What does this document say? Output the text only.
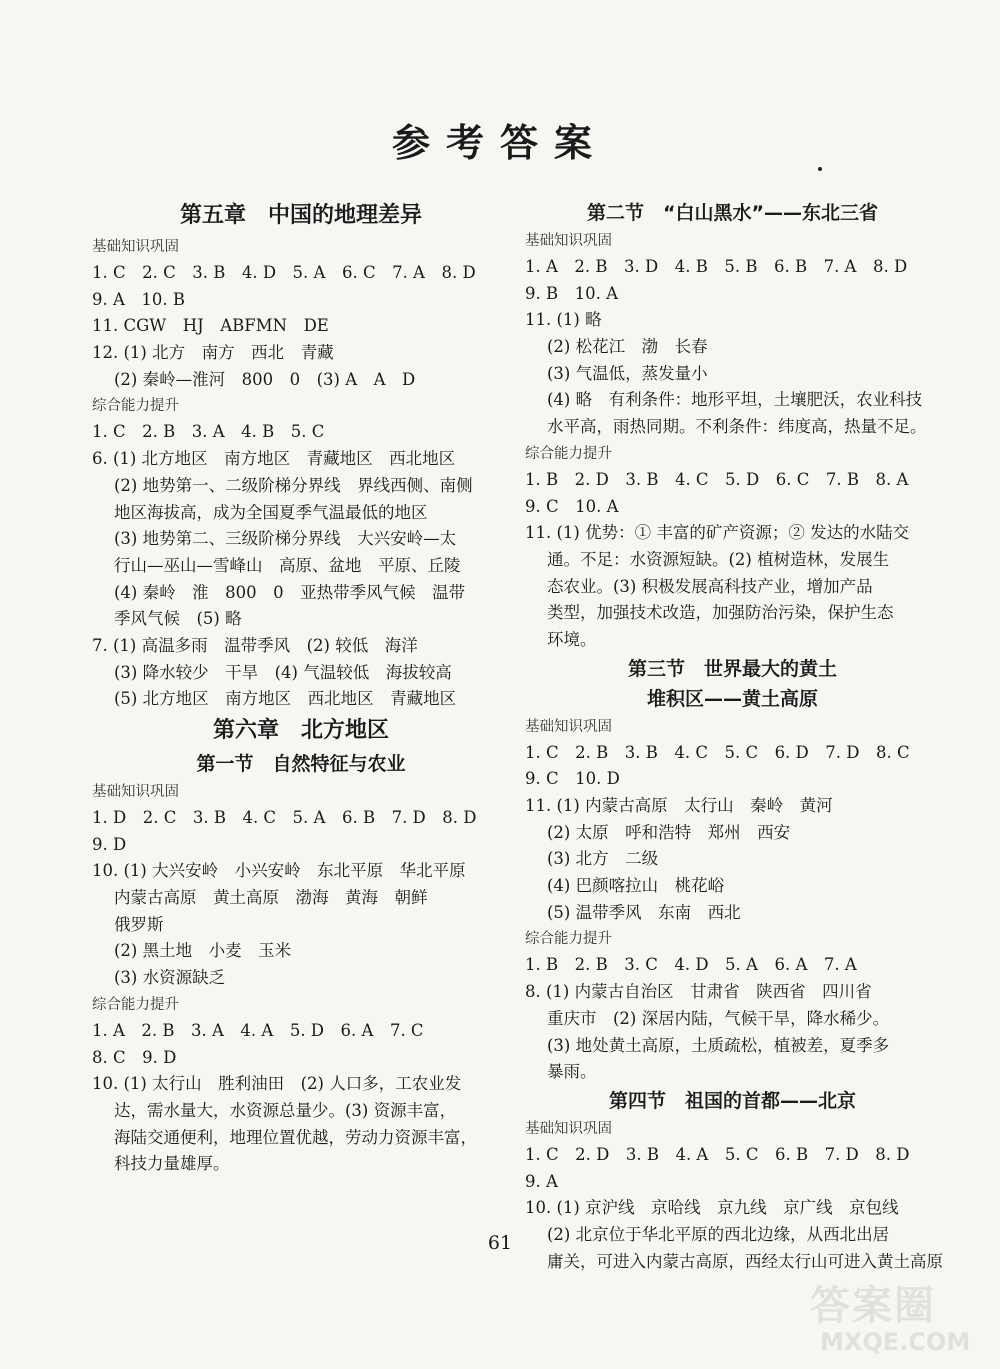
参考答案
第五章　中国的地理差异
基础知识巩固
1. C　2. C　3. B　4. D　5. A　6. C　7. A　8. D
9. A　10. B
11. CGW　HJ　ABFMN　DE
12. (1) 北方　南方　西北　青藏
(2) 秦岭—淮河　800　0　(3) A　A　D
综合能力提升
1. C　2. B　3. A　4. B　5. C
6. (1) 北方地区　南方地区　青藏地区　西北地区
(2) 地势第一、二级阶梯分界线　界线西侧、南侧
地区海拔高，成为全国夏季气温最低的地区
(3) 地势第二、三级阶梯分界线　大兴安岭—太
行山—巫山—雪峰山　高原、盆地　平原、丘陵
(4) 秦岭　淮　800　0　亚热带季风气候　温带
季风气候　(5) 略
7. (1) 高温多雨　温带季风　(2) 较低　海洋
(3) 降水较少　干旱　(4) 气温较低　海拔较高
(5) 北方地区　南方地区　西北地区　青藏地区
第六章　北方地区
第一节　自然特征与农业
基础知识巩固
1. D　2. C　3. B　4. C　5. A　6. B　7. D　8. D
9. D
10. (1) 大兴安岭　小兴安岭　东北平原　华北平原
内蒙古高原　黄土高原　渤海　黄海　朝鲜
俄罗斯
(2) 黑土地　小麦　玉米
(3) 水资源缺乏
综合能力提升
1. A　2. B　3. A　4. A　5. D　6. A　7. C
8. C　9. D
10. (1) 太行山　胜利油田　(2) 人口多，工农业发
达，需水量大，水资源总量少。(3) 资源丰富，
海陆交通便利，地理位置优越，劳动力资源丰富，
科技力量雄厚。
第二节　“白山黑水”——东北三省
基础知识巩固
1. A　2. B　3. D　4. B　5. B　6. B　7. A　8. D
9. B　10. A
11. (1) 略
(2) 松花江　渤　长春
(3) 气温低，蒸发量小
(4) 略　有利条件：地形平坦，土壤肥沃，农业科技
水平高，雨热同期。不利条件：纬度高，热量不足。
综合能力提升
1. B　2. D　3. B　4. C　5. D　6. C　7. B　8. A
9. C　10. A
11. (1) 优势：① 丰富的矿产资源；② 发达的水陆交
通。不足：水资源短缺。(2) 植树造林，发展生
态农业。(3) 积极发展高科技产业，增加产品
类型，加强技术改造，加强防治污染，保护生态
环境。
第三节　世界最大的黄土
堆积区——黄土高原
基础知识巩固
1. C　2. B　3. B　4. C　5. C　6. D　7. D　8. C
9. C　10. D
11. (1) 内蒙古高原　太行山　秦岭　黄河
(2) 太原　呼和浩特　郑州　西安
(3) 北方　二级
(4) 巴颜喀拉山　桃花峪
(5) 温带季风　东南　西北
综合能力提升
1. B　2. B　3. C　4. D　5. A　6. A　7. A
8. (1) 内蒙古自治区　甘肃省　陕西省　四川省
重庆市　(2) 深居内陆，气候干旱，降水稀少。
(3) 地处黄土高原，土质疏松，植被差，夏季多
暴雨。
第四节　祖国的首都——北京
基础知识巩固
1. C　2. D　3. B　4. A　5. C　6. B　7. D　8. D
9. A
10. (1) 京沪线　京哈线　京九线　京广线　京包线
(2) 北京位于华北平原的西北边缘，从西北出居
庸关，可进入内蒙古高原，西经太行山可进入黄土高原
61
答案圈
MXQE.COM
